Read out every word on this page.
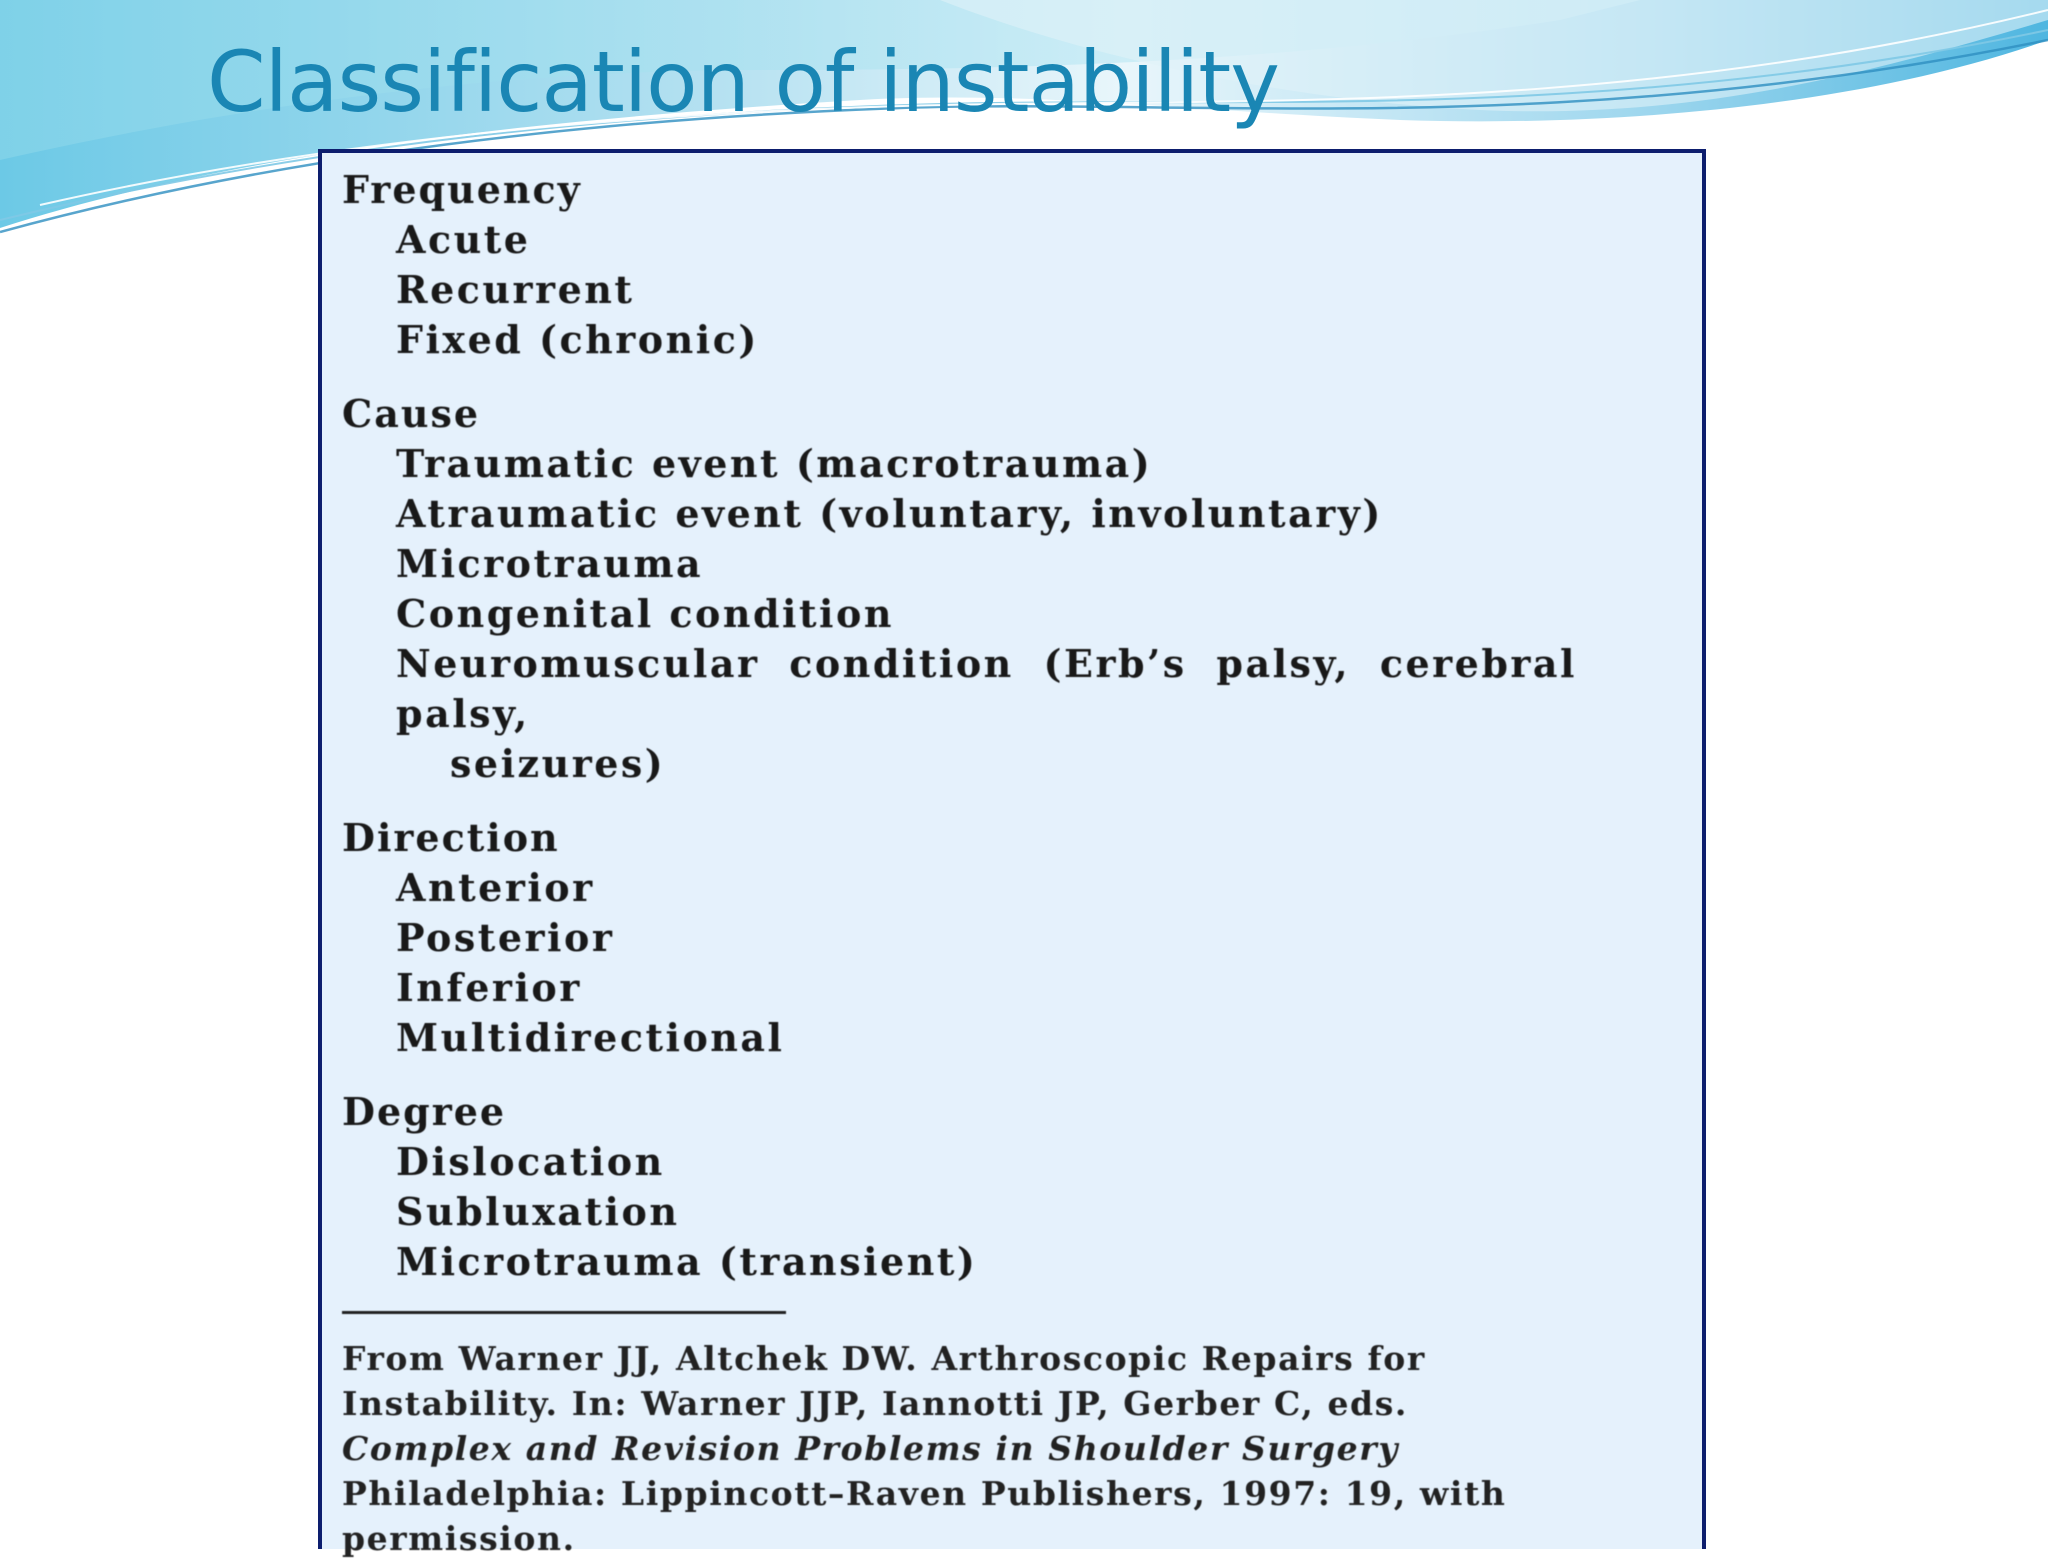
Classification of instability
Frequency
Acute
Recurrent
Fixed (chronic)
Cause
Traumatic event (macrotrauma)
Atraumatic event (voluntary, involuntary)
Microtrauma
Congenital condition
Neuromuscular condition (Erb’s palsy, cerebral palsy,
seizures)
Direction
Anterior
Posterior
Inferior
Multidirectional
Degree
Dislocation
Subluxation
Microtrauma (transient)
From Warner JJ, Altchek DW. Arthroscopic Repairs for
Instability. In: Warner JJP, Iannotti JP, Gerber C, eds.
Complex and Revision Problems in Shoulder Surgery
Philadelphia: Lippincott–Raven Publishers, 1997: 19, with
permission.
